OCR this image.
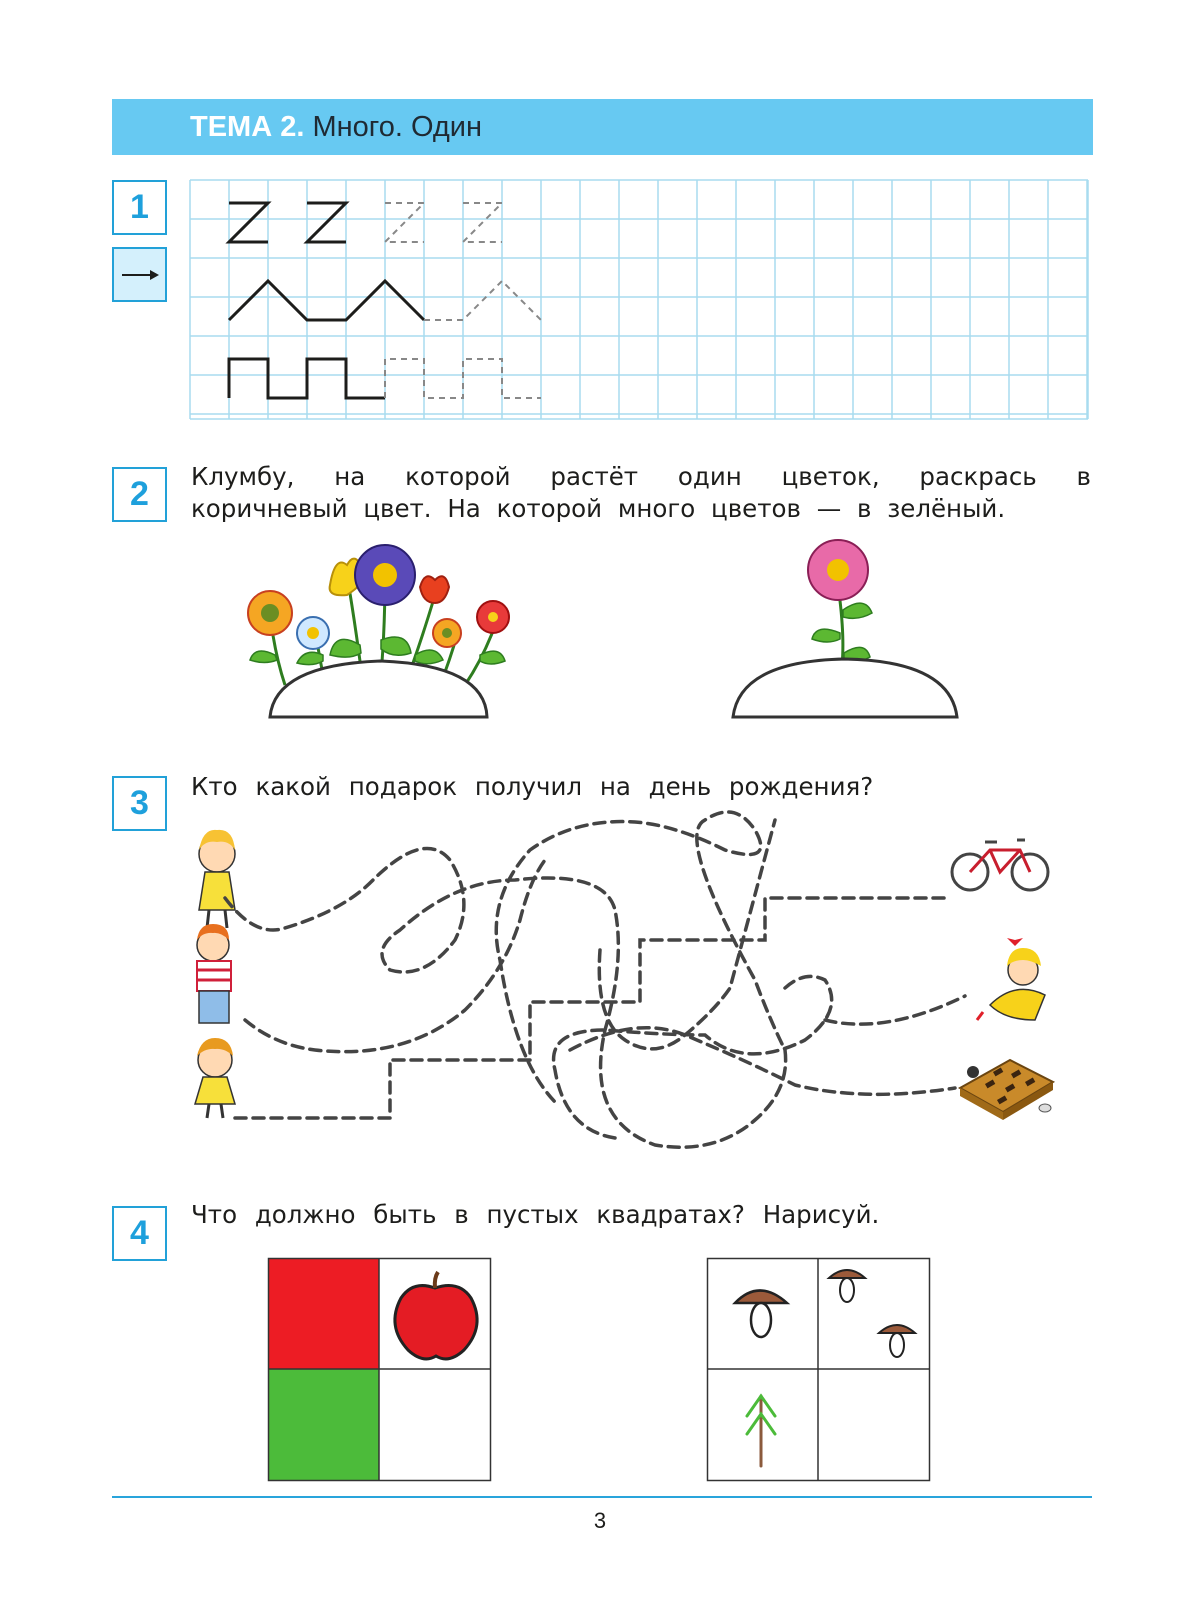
ТЕМА 2. Много. Один
1
2	Клумбу, на которой растёт один цветок, раскрась в коричневый цвет. На которой много цветов — в зелёный.
3	Кто какой подарок получил на день рождения?
4	Что должно быть в пустых квадратах? Нарисуй.
3
